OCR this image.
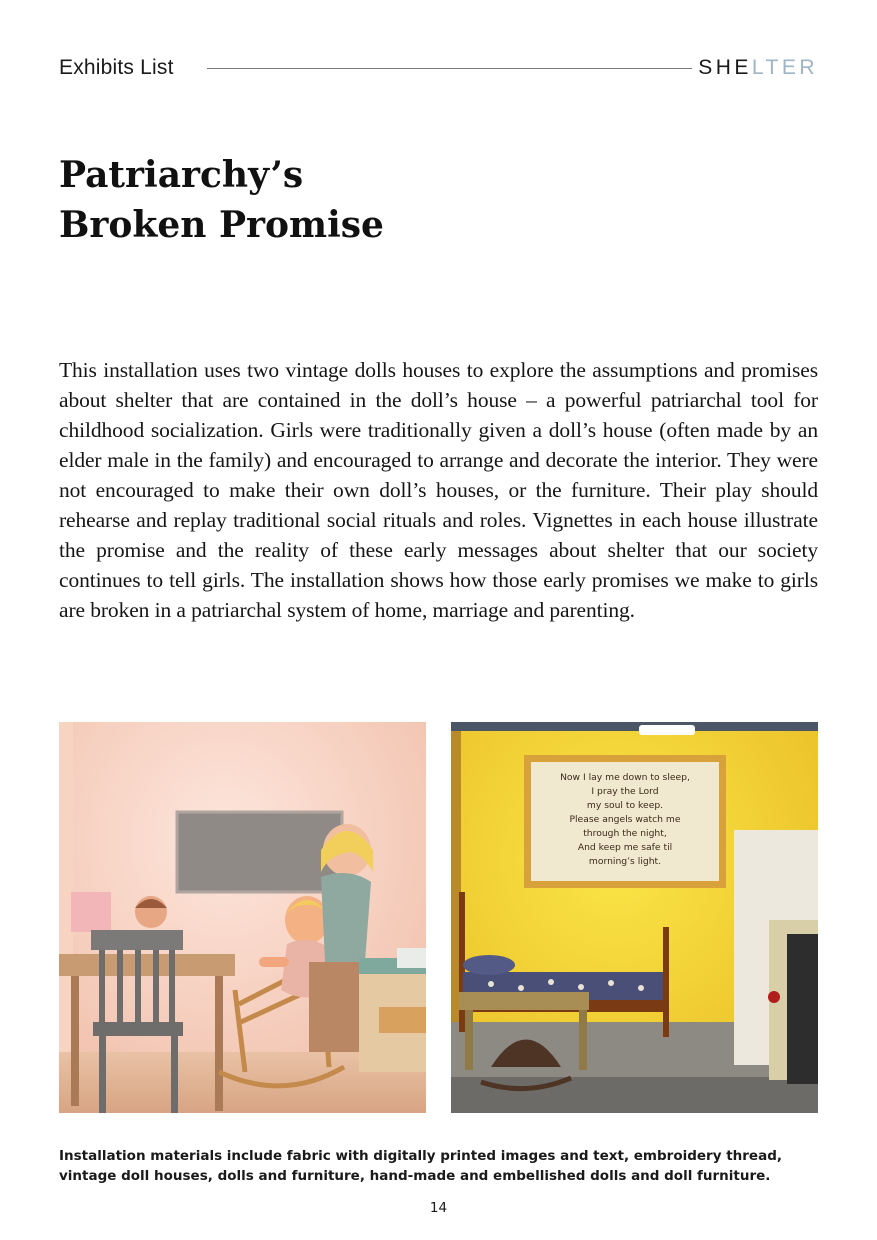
Exhibits List	SHELTER
Patriarchy’s
Broken Promise

This installation uses two vintage dolls houses to explore the assumptions and promises about shelter that are contained in the doll’s house – a powerful patriarchal tool for childhood socialization. Girls were traditionally given a doll’s house (often made by an elder male in the family) and encouraged to arrange and decorate the interior. They were not encouraged to make their own doll’s houses, or the furniture. Their play should rehearse and replay traditional social rituals and roles. Vignettes in each house illustrate the promise and the reality of these early messages about shelter that our society continues to tell girls. The installation shows how those early promises we make to girls are broken in a patriarchal system of home, marriage and parenting.

Now I lay me down to sleep,
I pray the Lord
my soul to keep.
Please angels watch me
through the night,
And keep me safe til
morning’s light.

Installation materials include fabric with digitally printed images and text, embroidery thread, vintage doll houses, dolls and furniture, hand-made and embellished dolls and doll furniture.

14
